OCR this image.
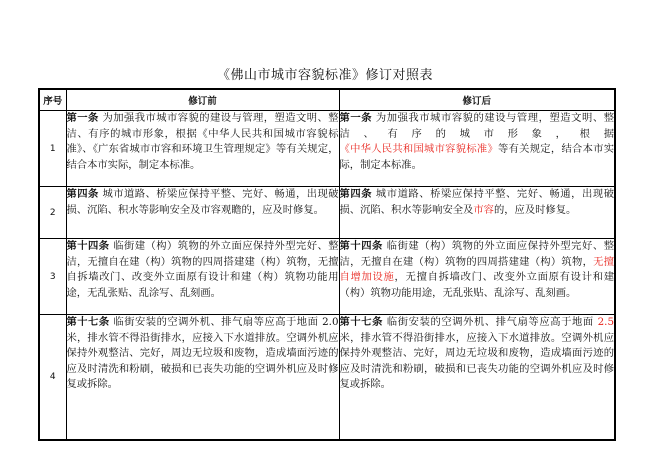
《佛山市城市容貌标准》修订对照表
序号	修订前	修订后
1	第一条 为加强我市城市容貌的建设与管理，塑造文明、整洁、有序的城市形象，根据《中华人民共和国城市容貌标准》、《广东省城市市容和环境卫生管理规定》等有关规定，结合本市实际，制定本标准。	第一条 为加强我市城市容貌的建设与管理，塑造文明、整洁、有序的城市形象，根据《中华人民共和国城市容貌标准》等有关规定，结合本市实际，制定本标准。
2	第四条 城市道路、桥梁应保持平整、完好、畅通，出现破损、沉陷、积水等影响安全及市容观瞻的，应及时修复。	第四条 城市道路、桥梁应保持平整、完好、畅通，出现破损、沉陷、积水等影响安全及市容的，应及时修复。
3	第十四条 临街建（构）筑物的外立面应保持外型完好、整洁，无擅自在建（构）筑物的四周搭建建（构）筑物，无擅自拆墙改门、改变外立面原有设计和建（构）筑物功能用途，无乱张贴、乱涂写、乱刻画。	第十四条 临街建（构）筑物的外立面应保持外型完好、整洁，无擅自在建（构）筑物的四周搭建建（构）筑物，无擅自增加设施，无擅自拆墙改门、改变外立面原有设计和建（构）筑物功能用途，无乱张贴、乱涂写、乱刻画。
4	第十七条 临街安装的空调外机、排气扇等应高于地面 2.0米，排水管不得沿街排水，应接入下水道排放。空调外机应保持外观整洁、完好，周边无垃圾和废物，造成墙面污迹的应及时清洗和粉刷，破损和已丧失功能的空调外机应及时修复或拆除。	第十七条 临街安装的空调外机、排气扇等应高于地面 2.5米，排水管不得沿街排水，应接入下水道排放。空调外机应保持外观整洁、完好，周边无垃圾和废物，造成墙面污迹的应及时清洗和粉刷，破损和已丧失功能的空调外机应及时修复或拆除。
